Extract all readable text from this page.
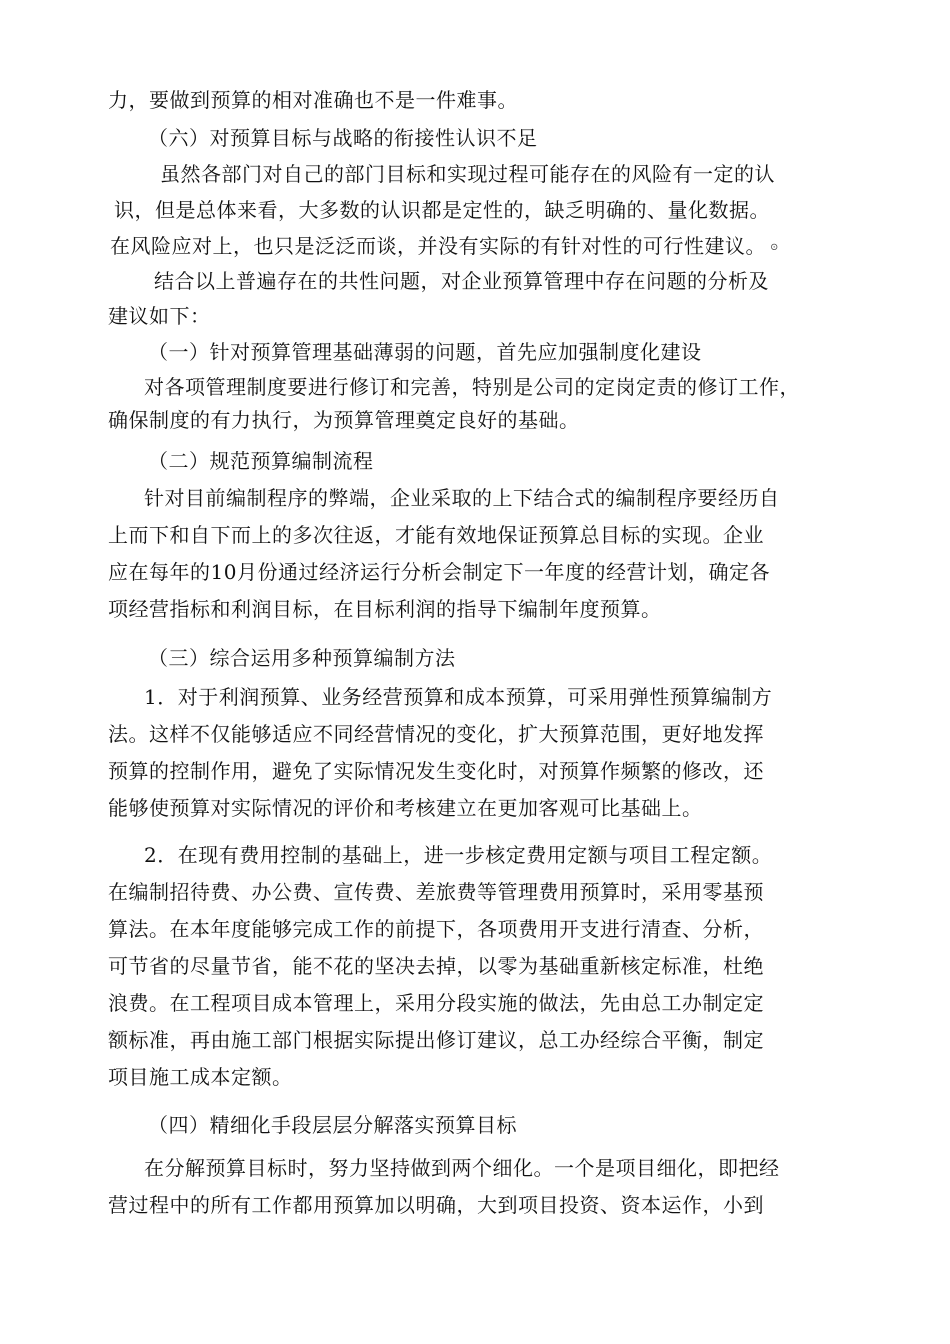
力，要做到预算的相对准确也不是一件难事。
（六）对预算目标与战略的衔接性认识不足
虽然各部门对自己的部门目标和实现过程可能存在的风险有一定的认
识，但是总体来看，大多数的认识都是定性的，缺乏明确的、量化数据。
在风险应对上，也只是泛泛而谈，并没有实际的有针对性的可行性建议。 ⊙
结合以上普遍存在的共性问题，对企业预算管理中存在问题的分析及
建议如下：
（一）针对预算管理基础薄弱的问题，首先应加强制度化建设
对各项管理制度要进行修订和完善，特别是公司的定岗定责的修订工作，
确保制度的有力执行，为预算管理奠定良好的基础。
（二）规范预算编制流程
针对目前编制程序的弊端，企业采取的上下结合式的编制程序要经历自
上而下和自下而上的多次往返，才能有效地保证预算总目标的实现。企业
应在每年的10月份通过经济运行分析会制定下一年度的经营计划，确定各
项经营指标和利润目标，在目标利润的指导下编制年度预算。
（三）综合运用多种预算编制方法
1．对于利润预算、业务经营预算和成本预算，可采用弹性预算编制方
法。这样不仅能够适应不同经营情况的变化，扩大预算范围，更好地发挥
预算的控制作用，避免了实际情况发生变化时，对预算作频繁的修改，还
能够使预算对实际情况的评价和考核建立在更加客观可比基础上。
2．在现有费用控制的基础上，进一步核定费用定额与项目工程定额。
在编制招待费、办公费、宣传费、差旅费等管理费用预算时，采用零基预
算法。在本年度能够完成工作的前提下，各项费用开支进行清查、分析，
可节省的尽量节省，能不花的坚决去掉，以零为基础重新核定标准，杜绝
浪费。在工程项目成本管理上，采用分段实施的做法，先由总工办制定定
额标准，再由施工部门根据实际提出修订建议，总工办经综合平衡，制定
项目施工成本定额。
（四）精细化手段层层分解落实预算目标
在分解预算目标时，努力坚持做到两个细化。一个是项目细化，即把经
营过程中的所有工作都用预算加以明确，大到项目投资、资本运作，小到
